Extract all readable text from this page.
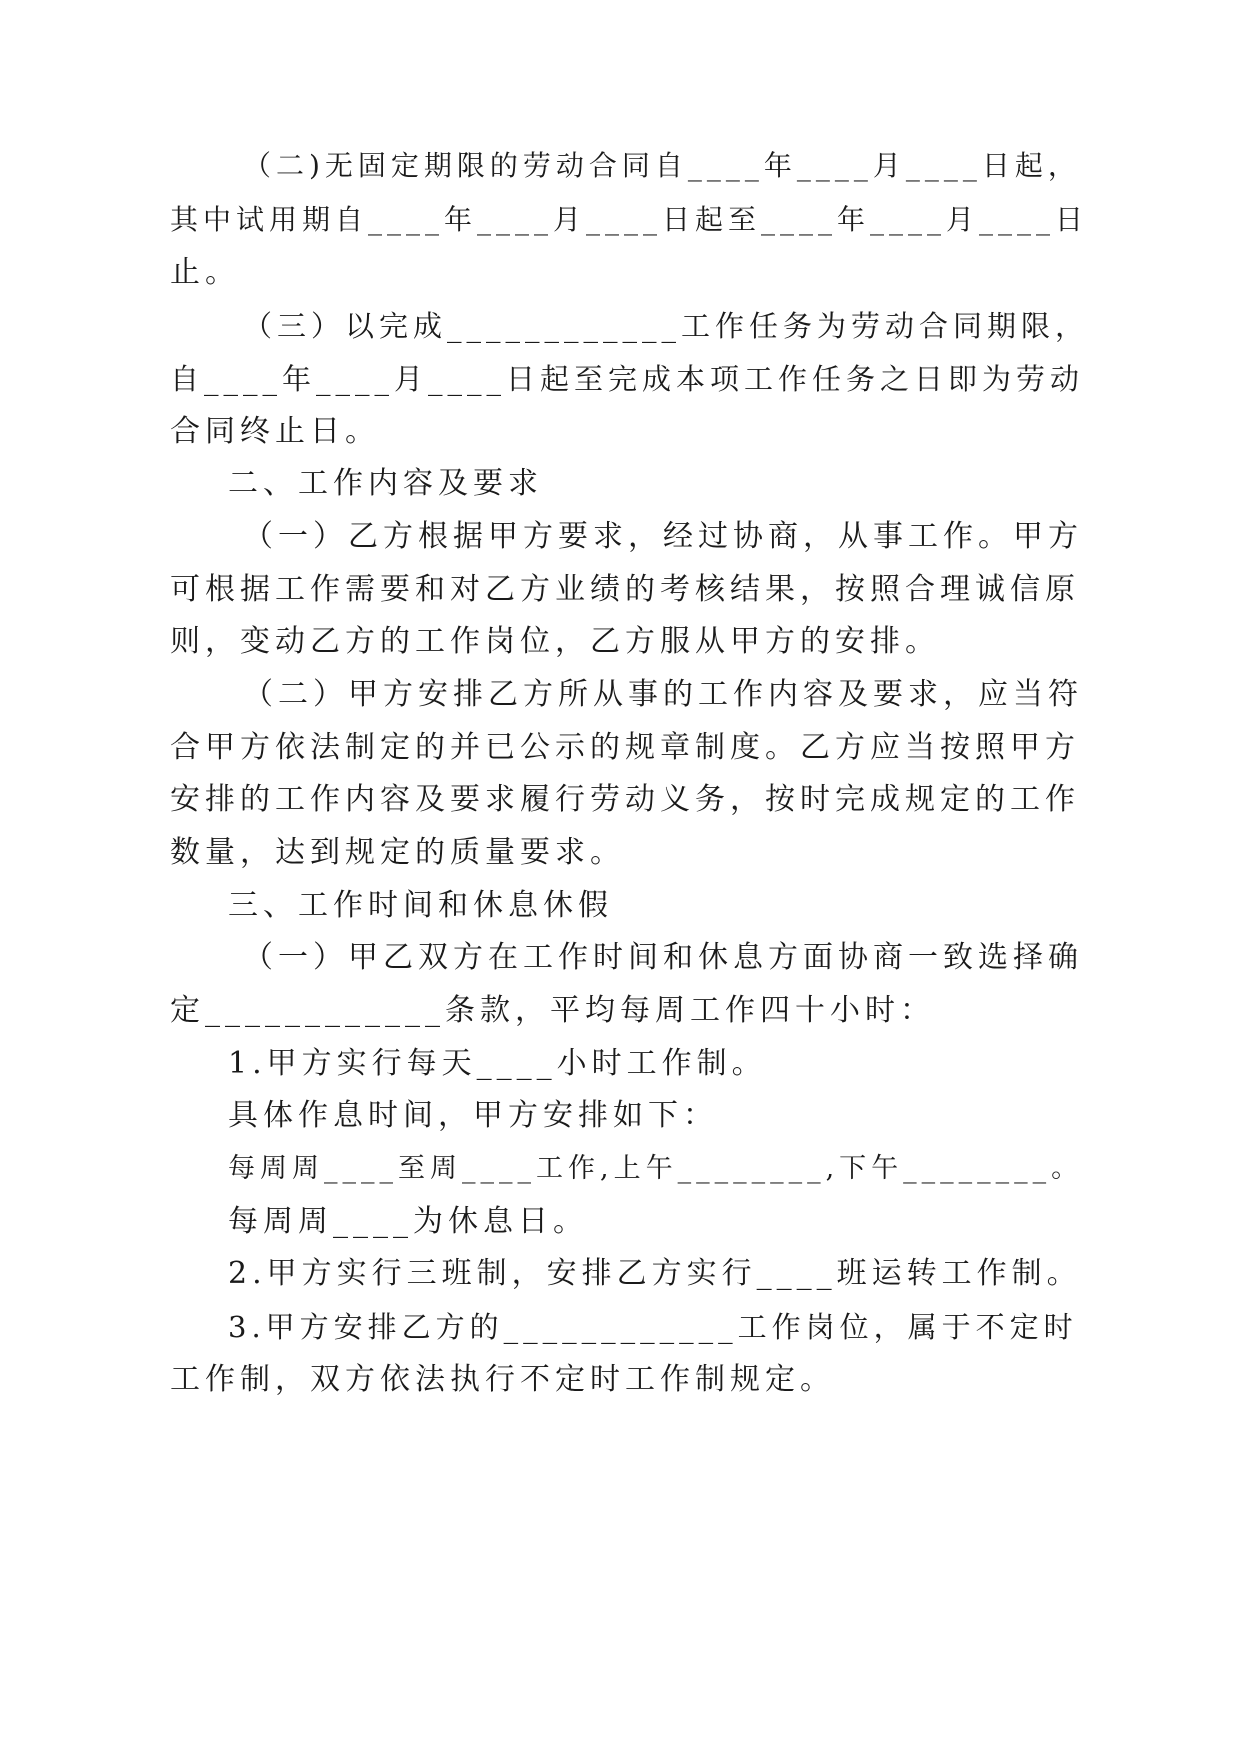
（二)无固定期限的劳动合同自____年____月____日起，
其中试用期自____年____月____日起至____年____月____日
止。
（三）以完成____________工作任务为劳动合同期限，
自____年____月____日起至完成本项工作任务之日即为劳动
合同终止日。
二、工作内容及要求
（一）乙方根据甲方要求，经过协商，从事工作。甲方
可根据工作需要和对乙方业绩的考核结果，按照合理诚信原
则，变动乙方的工作岗位，乙方服从甲方的安排。
（二）甲方安排乙方所从事的工作内容及要求，应当符
合甲方依法制定的并已公示的规章制度。乙方应当按照甲方
安排的工作内容及要求履行劳动义务，按时完成规定的工作
数量，达到规定的质量要求。
三、工作时间和休息休假
（一）甲乙双方在工作时间和休息方面协商一致选择确
定____________条款，平均每周工作四十小时：
1.甲方实行每天____小时工作制。
具体作息时间，甲方安排如下：
每周周____至周____工作,上午________,下午________。
每周周____为休息日。
2.甲方实行三班制，安排乙方实行____班运转工作制。
3.甲方安排乙方的____________工作岗位，属于不定时
工作制，双方依法执行不定时工作制规定。
